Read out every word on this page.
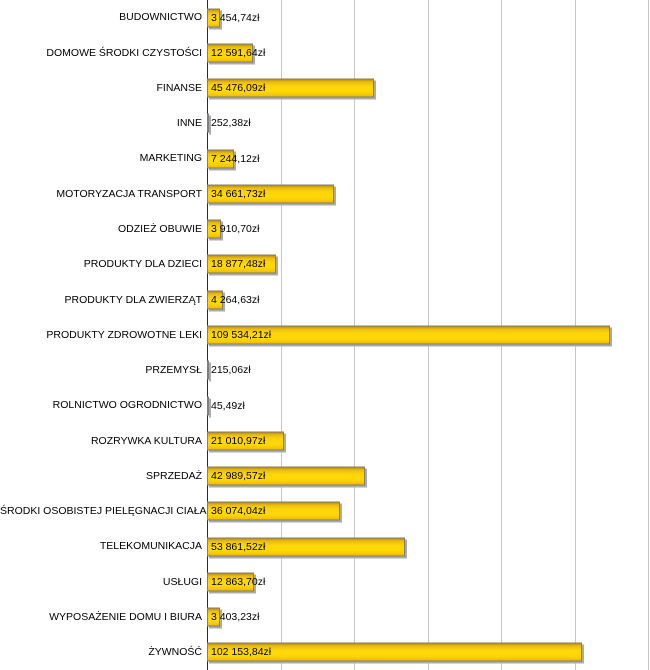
BUDOWNICTWO 3 454,74zł
DOMOWE ŚRODKI CZYSTOŚCI 12 591,64zł
FINANSE 45 476,09zł
INNE 252,38zł
MARKETING 7 244,12zł
MOTORYZACJA TRANSPORT 34 661,73zł
ODZIEŻ OBUWIE 3 910,70zł
PRODUKTY DLA DZIECI 18 877,48zł
PRODUKTY DLA ZWIERZĄT 4 264,63zł
PRODUKTY ZDROWOTNE LEKI 109 534,21zł
PRZEMYSŁ 215,06zł
ROLNICTWO OGRODNICTWO 45,49zł
ROZRYWKA KULTURA 21 010,97zł
SPRZEDAŻ 42 989,57zł
ŚRODKI OSOBISTEJ PIELĘGNACJI CIAŁA 36 074,04zł
TELEKOMUNIKACJA 53 861,52zł
USŁUGI 12 863,70zł
WYPOSAŻENIE DOMU I BIURA 3 403,23zł
ŻYWNOŚĆ 102 153,84zł
